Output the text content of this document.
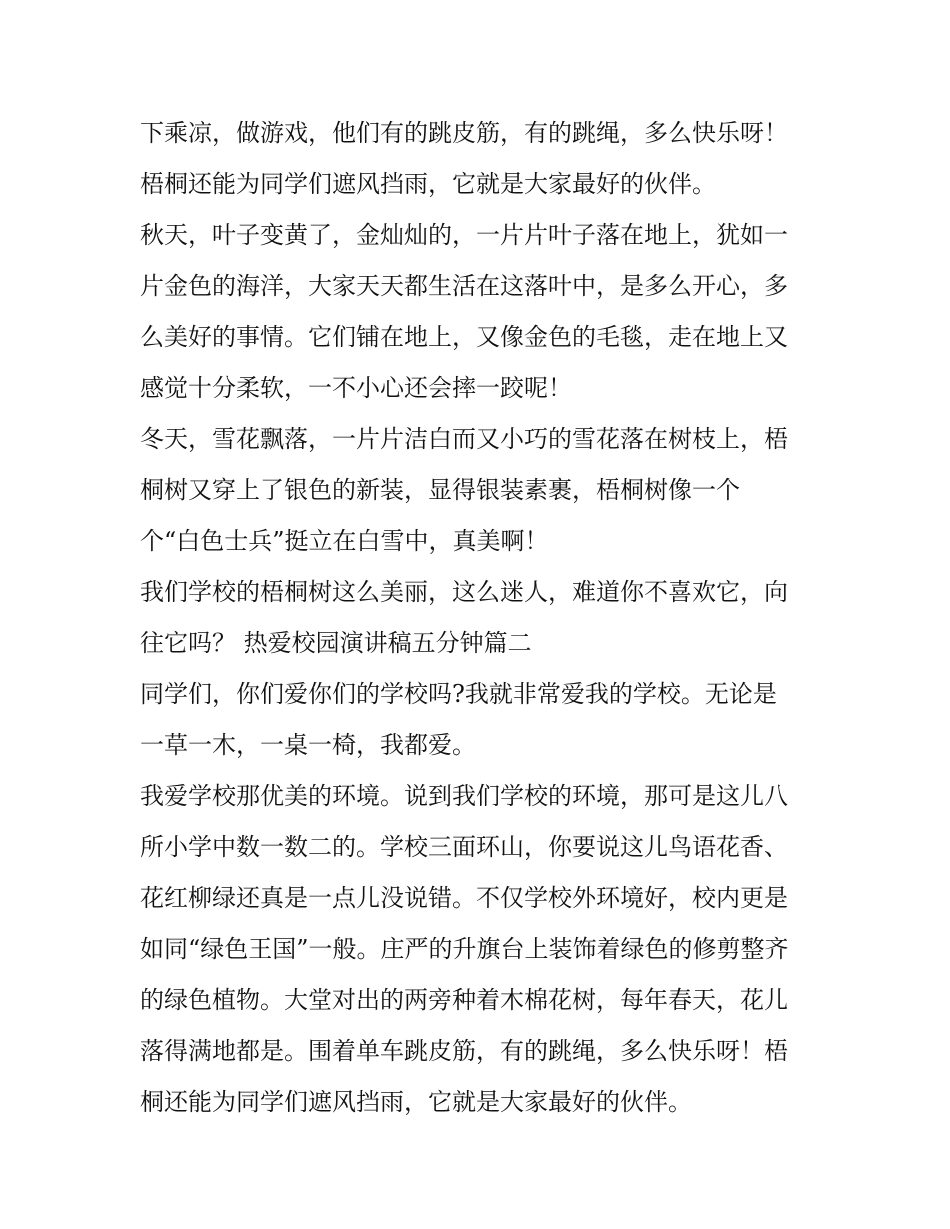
下乘凉，做游戏，他们有的跳皮筋，有的跳绳，多么快乐呀！
梧桐还能为同学们遮风挡雨，它就是大家最好的伙伴。
秋天，叶子变黄了，金灿灿的，一片片叶子落在地上，犹如一
片金色的海洋，大家天天都生活在这落叶中，是多么开心，多
么美好的事情。它们铺在地上，又像金色的毛毯，走在地上又
感觉十分柔软，一不小心还会摔一跤呢！
冬天，雪花飘落，一片片洁白而又小巧的雪花落在树枝上，梧
桐树又穿上了银色的新装，显得银装素裹，梧桐树像一个
个“白色士兵”挺立在白雪中，真美啊！
我们学校的梧桐树这么美丽，这么迷人，难道你不喜欢它，向
往它吗？ 热爱校园演讲稿五分钟篇二
同学们，你们爱你们的学校吗?我就非常爱我的学校。无论是
一草一木，一桌一椅，我都爱。
我爱学校那优美的环境。说到我们学校的环境，那可是这儿八
所小学中数一数二的。学校三面环山，你要说这儿鸟语花香、
花红柳绿还真是一点儿没说错。不仅学校外环境好，校内更是
如同“绿色王国”一般。庄严的升旗台上装饰着绿色的修剪整齐
的绿色植物。大堂对出的两旁种着木棉花树，每年春天，花儿
落得满地都是。围着单车跳皮筋，有的跳绳，多么快乐呀！梧
桐还能为同学们遮风挡雨，它就是大家最好的伙伴。
